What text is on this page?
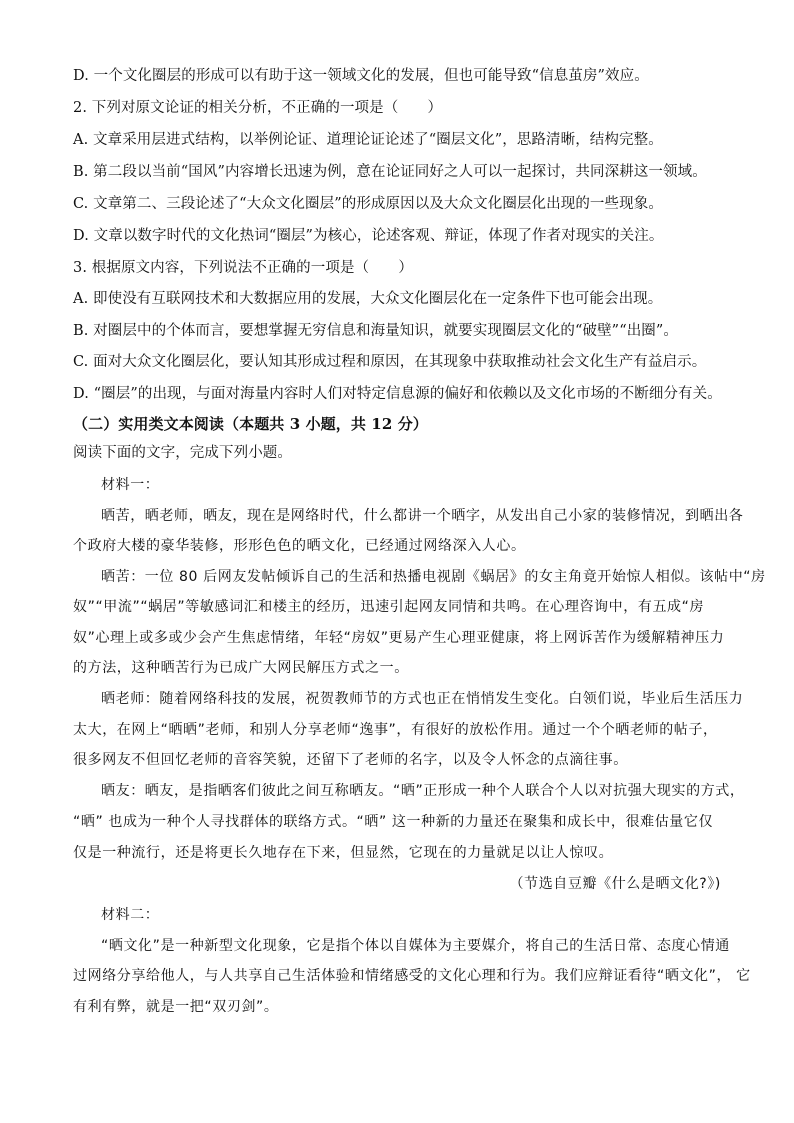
D. 一个文化圈层的形成可以有助于这一领域文化的发展，但也可能导致“信息茧房”效应。
2. 下列对原文论证的相关分析，不正确的一项是（　　）
A. 文章采用层进式结构，以举例论证、道理论证论述了“圈层文化”，思路清晰，结构完整。
B. 第二段以当前“国风”内容增长迅速为例，意在论证同好之人可以一起探讨，共同深耕这一领域。
C. 文章第二、三段论述了“大众文化圈层”的形成原因以及大众文化圈层化出现的一些现象。
D. 文章以数字时代的文化热词“圈层”为核心，论述客观、辩证，体现了作者对现实的关注。
3. 根据原文内容，下列说法不正确的一项是（　　）
A. 即使没有互联网技术和大数据应用的发展，大众文化圈层化在一定条件下也可能会出现。
B. 对圈层中的个体而言，要想掌握无穷信息和海量知识，就要实现圈层文化的“破壁”“出圈”。
C. 面对大众文化圈层化，要认知其形成过程和原因，在其现象中获取推动社会文化生产有益启示。
D. “圈层”的出现，与面对海量内容时人们对特定信息源的偏好和依赖以及文化市场的不断细分有关。
（二）实用类文本阅读（本题共 3 小题，共 12 分）
阅读下面的文字，完成下列小题。
材料一：
晒苦，晒老师，晒友，现在是网络时代，什么都讲一个晒字，从发出自己小家的装修情况，到晒出各
个政府大楼的豪华装修，形形色色的晒文化，已经通过网络深入人心。
晒苦：一位 80 后网友发帖倾诉自己的生活和热播电视剧《蜗居》的女主角竟开始惊人相似。该帖中“房
奴”“甲流”“蜗居”等敏感词汇和楼主的经历，迅速引起网友同情和共鸣。在心理咨询中，有五成“房
奴”心理上或多或少会产生焦虑情绪，年轻“房奴”更易产生心理亚健康，将上网诉苦作为缓解精神压力
的方法，这种晒苦行为已成广大网民解压方式之一。
晒老师：随着网络科技的发展，祝贺教师节的方式也正在悄悄发生变化。白领们说，毕业后生活压力
太大，在网上“晒晒”老师，和别人分享老师“逸事”，有很好的放松作用。通过一个个晒老师的帖子，
很多网友不但回忆老师的音容笑貌，还留下了老师的名字，以及令人怀念的点滴往事。
晒友：晒友，是指晒客们彼此之间互称晒友。“晒”正形成一种个人联合个人以对抗强大现实的方式，
“晒” 也成为一种个人寻找群体的联络方式。“晒” 这一种新的力量还在聚集和成长中，很难估量它仅
仅是一种流行，还是将更长久地存在下来，但显然，它现在的力量就足以让人惊叹。
（节选自豆瓣《什么是晒文化?》)
材料二：
“晒文化”是一种新型文化现象，它是指个体以自媒体为主要媒介，将自己的生活日常、态度心情通
过网络分享给他人，与人共享自己生活体验和情绪感受的文化心理和行为。我们应辩证看待“晒文化”， 它
有利有弊，就是一把“双刃剑”。
